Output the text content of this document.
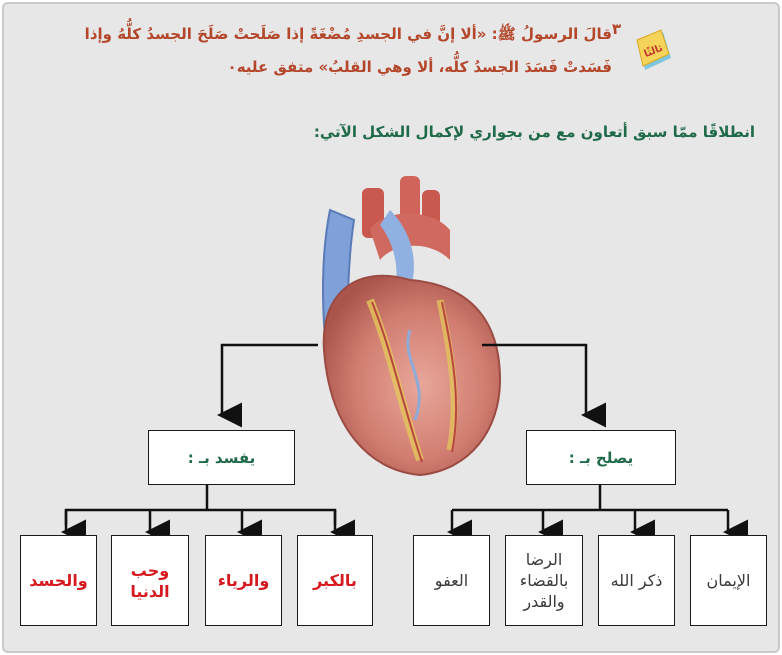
ثالثًا
٣
قالَ الرسولُ ﷺ: «ألا إنَّ في الجسدِ مُضْغَةً إذا صَلَحتْ صَلَحَ الجسدُ كلُّهُ وإذا
فَسَدتْ فَسَدَ الجسدُ كلُّه، ألا وهي القلبُ» متفق عليه٠
انطلاقًا ممّا سبق أتعاون مع من بجواري لإكمال الشكل الآتي:
يفسد بـ :	يصلح بـ :
بالكبر
والرياء
وحب الدنيا
والحسد	الإيمان
ذكر الله
الرضا بالقضاء والقدر
العفو
